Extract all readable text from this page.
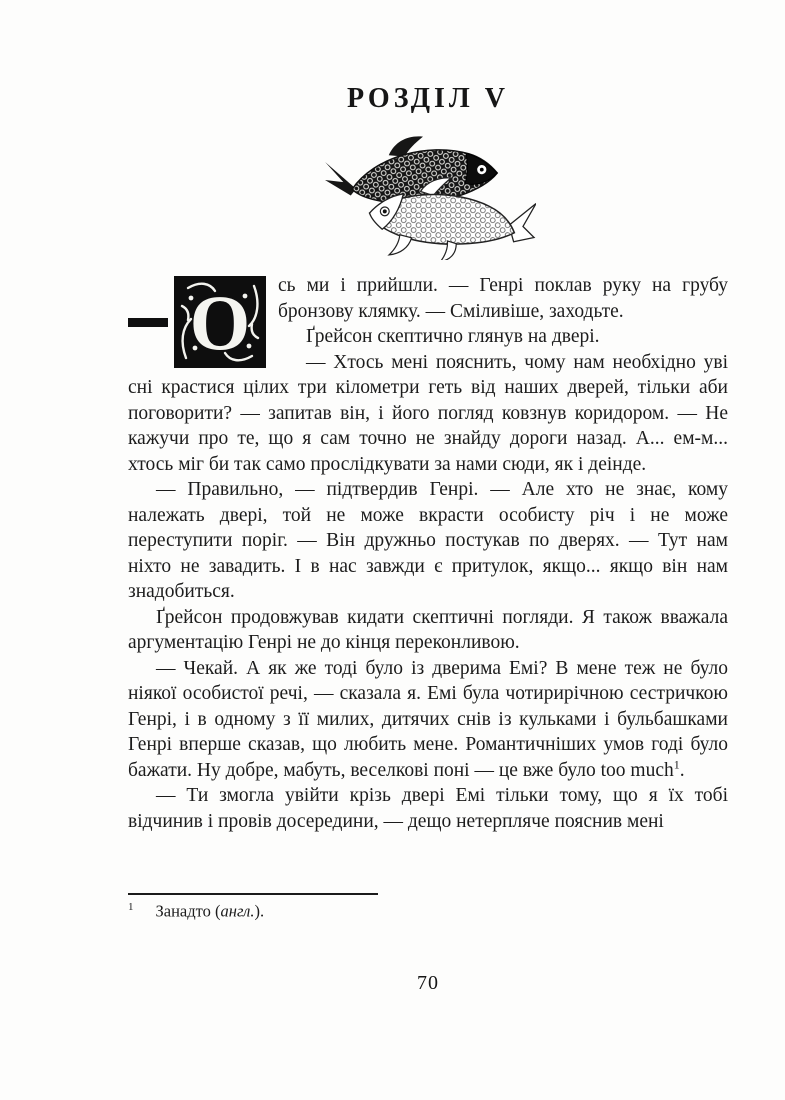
РОЗДІЛ V

О	сь ми і прийшли. — Генрі поклав руку на грубу бронзову клямку. — Сміливіше, заходьте.

Ґрейсон скептично глянув на двері.

— Хтось мені пояснить, чому нам необхідно уві сні крастися цілих три кілометри геть від наших дверей, тільки аби поговорити? — запитав він, і його погляд ковзнув коридором. — Не кажучи про те, що я сам точно не знайду дороги назад. А... ем-м... хтось міг би так само прослідкувати за нами сюди, як і деінде.

— Правильно, — підтвердив Генрі. — Але хто не знає, кому належать двері, той не може вкрасти особисту річ і не може переступити поріг. — Він дружньо постукав по дверях. — Тут нам ніхто не завадить. І в нас завжди є притулок, якщо... якщо він нам знадобиться.

Ґрейсон продовжував кидати скептичні погляди. Я також вважала аргументацію Генрі не до кінця переконливою.

— Чекай. А як же тоді було із дверима Емі? В мене теж не було ніякої особистої речі, — сказала я. Емі була чотирирічною сестричкою Генрі, і в одному з її милих, дитячих снів із кульками і бульбашками Генрі вперше сказав, що любить мене. Романтичніших умов годі було бажати. Ну добре, мабуть, веселкові поні — це вже було too much$^1$.

— Ти змогла увійти крізь двері Емі тільки тому, що я їх тобі відчинив і провів досередини, — дещо нетерпляче пояснив мені

$^1$ Занадто (англ.).

70
